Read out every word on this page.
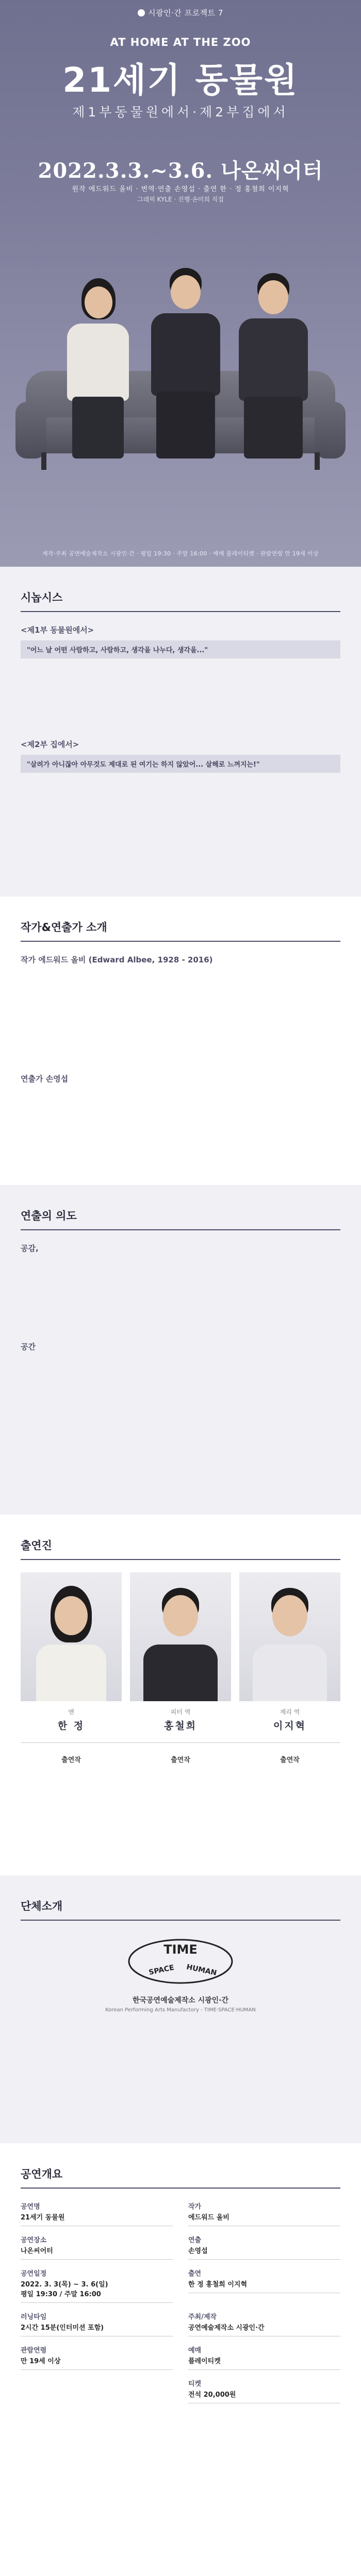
시광인·간 프로젝트 7
AT HOME AT THE ZOO
21세기 동물원
제1부동물원에서·제2부집에서
2022.3.3.~3.6. 나온씨어터
원작 에드워드 올비 · 번역·연출 손영섭 · 출연 한 · 정 홍철희 이지혁
그래픽 KYLE · 진행·손미희 직접
제작·주최 공연예술제작소 시광인·간 · 평일 19:30 · 주말 16:00 · 예매 플레이티켓 · 관람연령 만 19세 이상
시놉시스
<제1부 동물원에서>
"어느 날 어떤 사람하고, 사람하고, 생각을 나누다, 생각을..."
<제2부 집에서>
"살려가 아니잖아 아무것도 제대로 된 여기는 하지 않았어... 살해로 느껴지는!"
작가&연출가 소개
작가 에드워드 올비 (Edward Albee, 1928 - 2016)
연출가 손영섭
연출의 의도
공감,
공간
출연진
앤
한 정
피터 역
홍철희
제리 역
이지혁
출연작	출연작	출연작
단체소개
TIME
SPACE HUMAN
한국공연예술제작소 시광인·간
Korean Performing Arts Manufactory - TIME·SPACE·HUMAN
공연개요
공연명
21세기 동물원
작가
에드워드 올비
공연장소
나온씨어터
연출
손영섭
공연일정
2022. 3. 3(목) ~ 3. 6(일)
평일 19:30 / 주말 16:00
출연
한 정 홍철희 이지혁
러닝타임
2시간 15분(인터미션 포함)
주최/제작
공연예술제작소 시광인·간
관람연령
만 19세 이상
예매
플레이티켓
티켓
전석 20,000원
